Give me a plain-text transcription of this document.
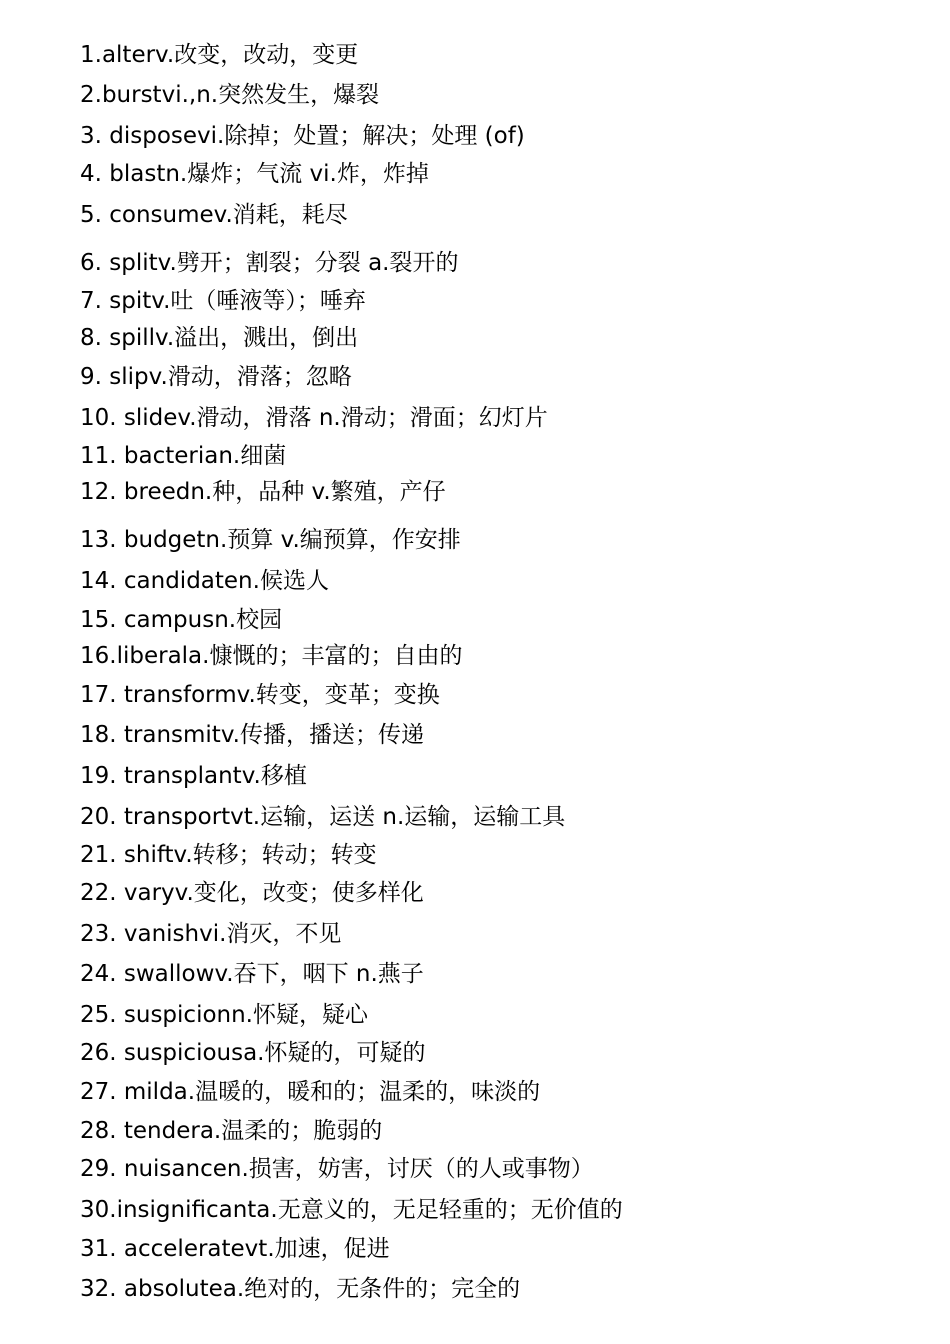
1.alterv.改变，改动，变更
2.burstvi.,n.突然发生，爆裂
3. disposevi.除掉；处置；解决；处理 (of)
4. blastn.爆炸；气流 vi.炸，炸掉
5. consumev.消耗，耗尽
6. splitv.劈开；割裂；分裂 a.裂开的
7. spitv.吐（唾液等）；唾弃
8. spillv.溢出，溅出，倒出
9. slipv.滑动，滑落；忽略
10. slidev.滑动，滑落 n.滑动；滑面；幻灯片
11. bacterian.细菌
12. breedn.种，品种 v.繁殖，产仔
13. budgetn.预算 v.编预算，作安排
14. candidaten.候选人
15. campusn.校园
16.liberala.慷慨的；丰富的；自由的
17. transformv.转变，变革；变换
18. transmitv.传播，播送；传递
19. transplantv.移植
20. transportvt.运输，运送 n.运输，运输工具
21. shiftv.转移；转动；转变
22. varyv.变化，改变；使多样化
23. vanishvi.消灭，不见
24. swallowv.吞下，咽下 n.燕子
25. suspicionn.怀疑，疑心
26. suspiciousa.怀疑的，可疑的
27. milda.温暖的，暖和的；温柔的，味淡的
28. tendera.温柔的；脆弱的
29. nuisancen.损害，妨害，讨厌（的人或事物）
30.insignificanta.无意义的，无足轻重的；无价值的
31. acceleratevt.加速，促进
32. absolutea.绝对的，无条件的；完全的
